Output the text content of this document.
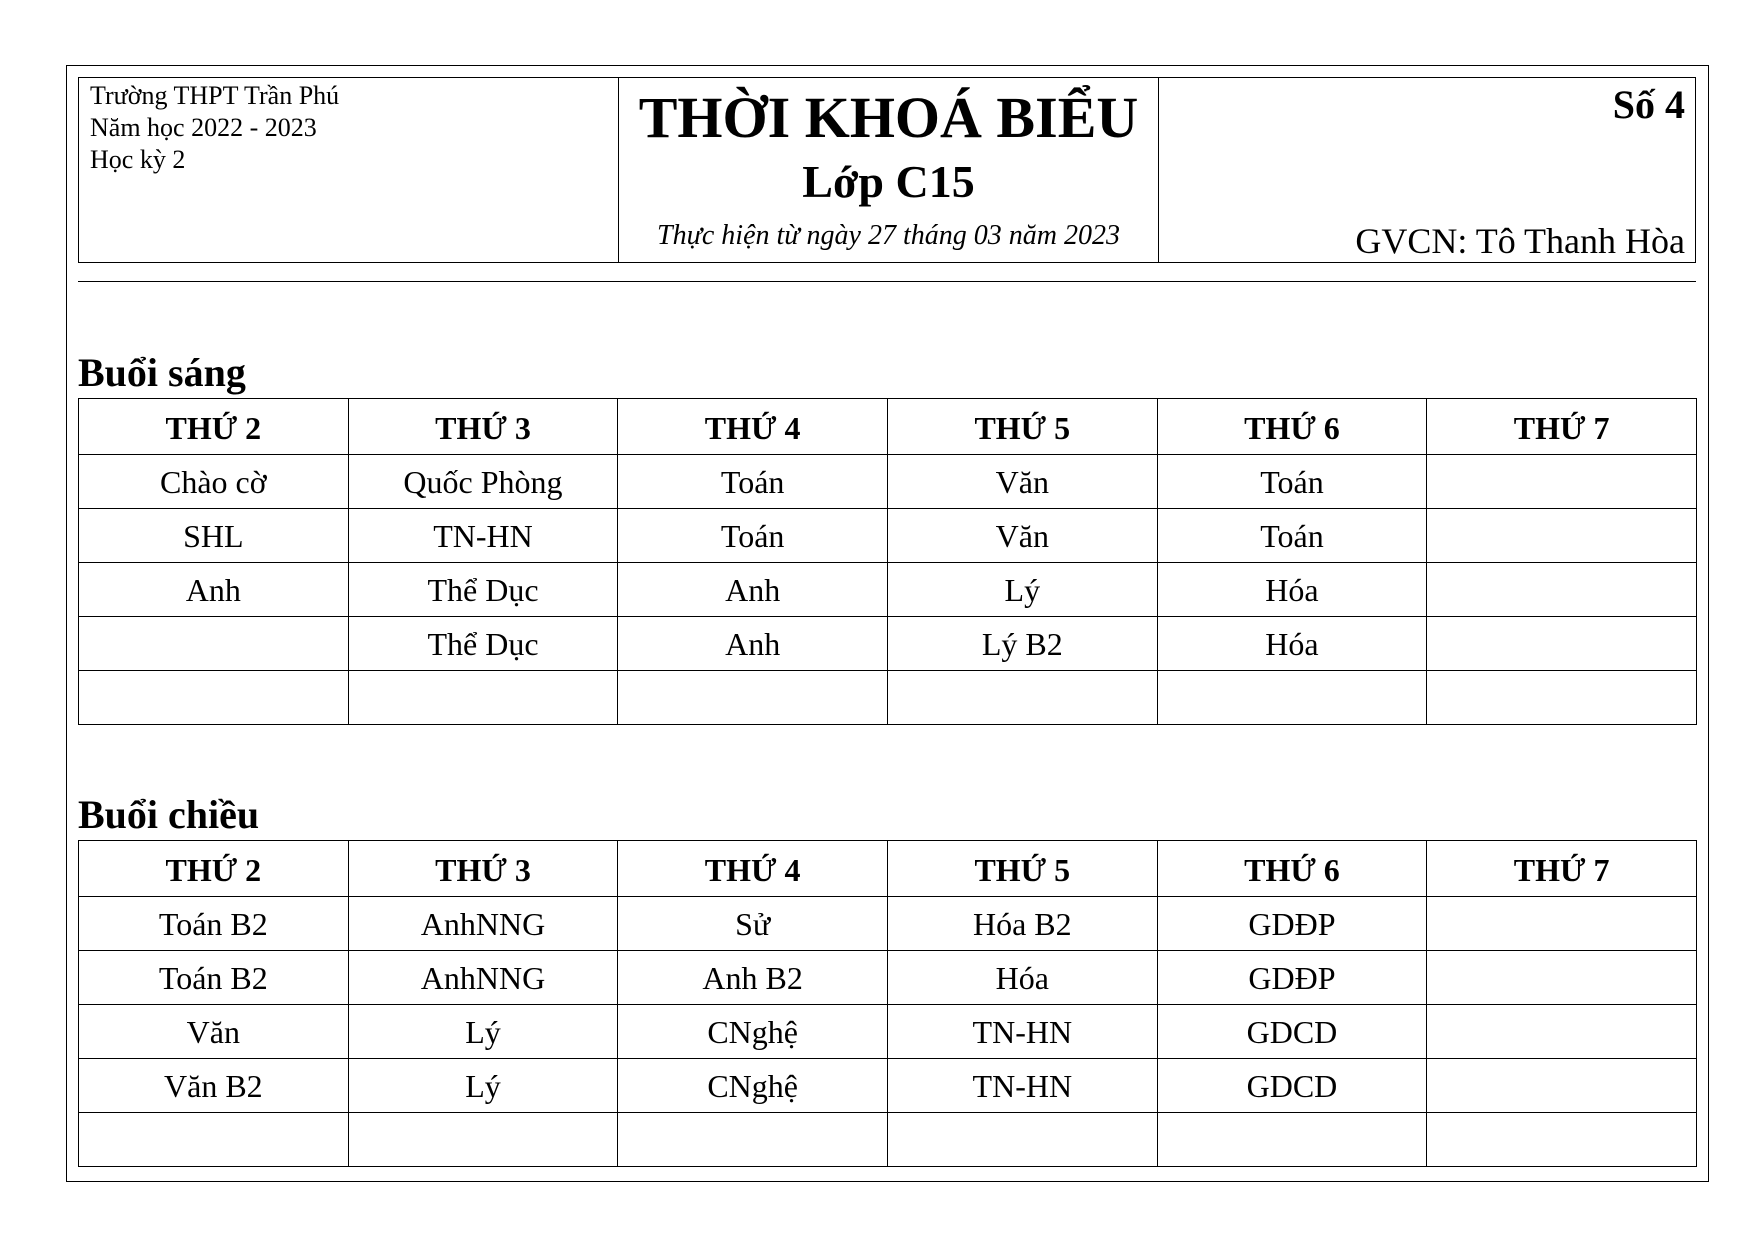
Trường THPT Trần Phú
Năm học 2022 - 2023
Học kỳ 2
THỜI KHOÁ BIỂU
Lớp C15
Thực hiện từ ngày 27 tháng 03 năm 2023
Số 4
GVCN: Tô Thanh Hòa
Buổi sáng
THỨ 2	THỨ 3	THỨ 4	THỨ 5	THỨ 6	THỨ 7
Chào cờ	Quốc Phòng	Toán	Văn	Toán	
SHL	TN-HN	Toán	Văn	Toán	
Anh	Thể Dục	Anh	Lý	Hóa	
	Thể Dục	Anh	Lý B2	Hóa	

Buổi chiều
THỨ 2	THỨ 3	THỨ 4	THỨ 5	THỨ 6	THỨ 7
Toán B2	AnhNNG	Sử	Hóa B2	GDĐP	
Toán B2	AnhNNG	Anh B2	Hóa	GDĐP	
Văn	Lý	CNghệ	TN-HN	GDCD	
Văn B2	Lý	CNghệ	TN-HN	GDCD	
